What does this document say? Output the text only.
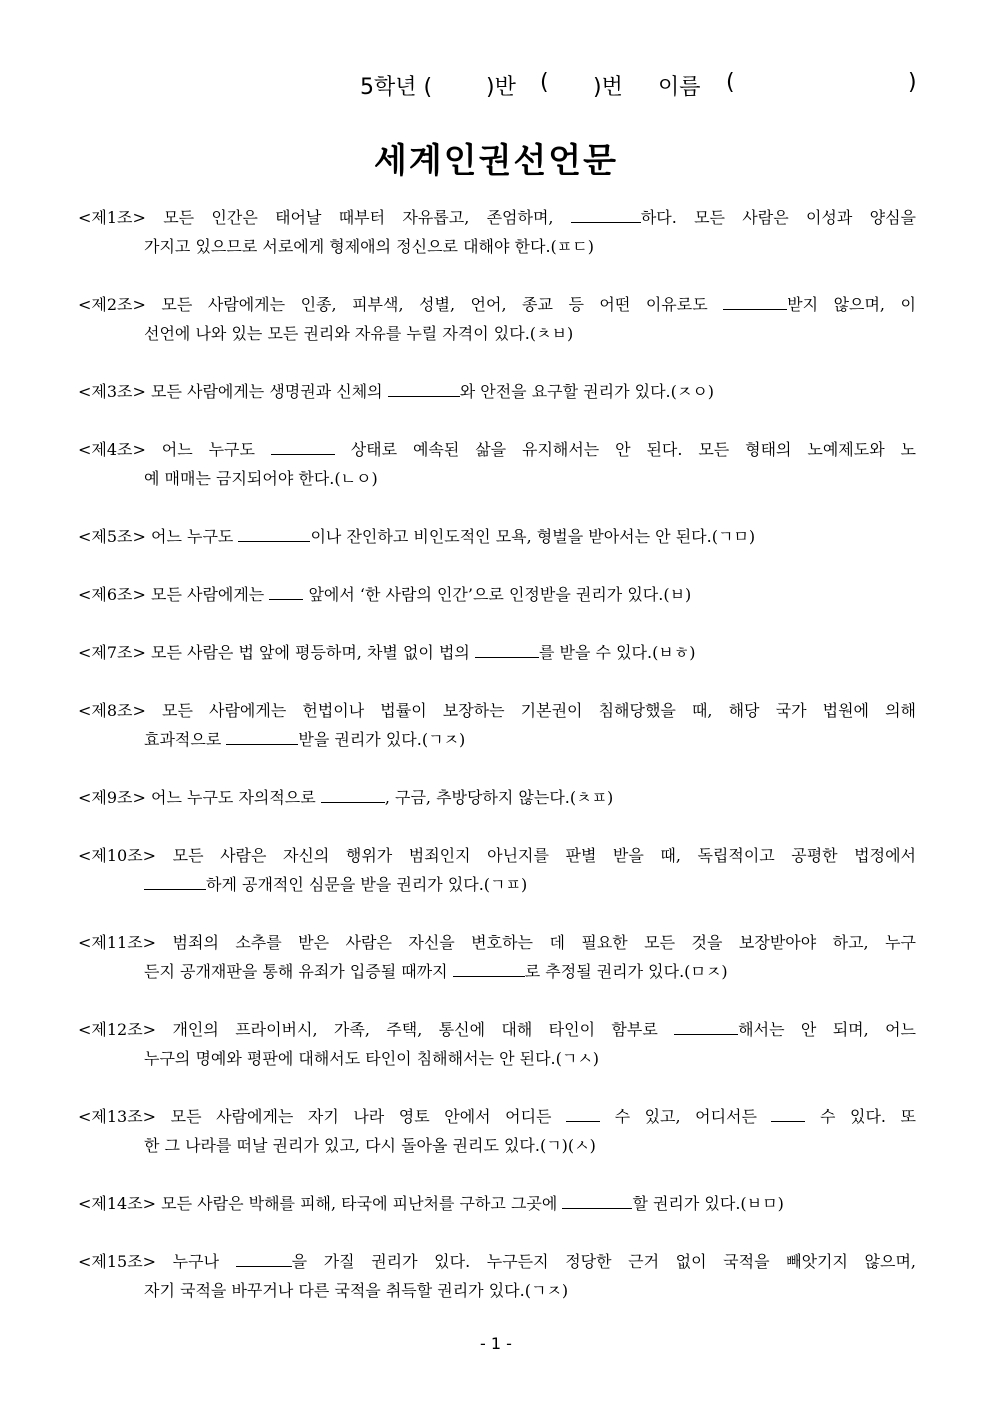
5학년 ( )반 ( )번 이름 (	)
세계인권선언문
<제1조> 모든 인간은 태어날 때부터 자유롭고, 존엄하며,	하다. 모든 사람은 이성과 양심을
가지고 있으므로 서로에게 형제애의 정신으로 대해야 한다.(ㅍㄷ)
<제2조> 모든 사람에게는 인종, 피부색, 성별, 언어, 종교 등 어떤 이유로도	받지 않으며, 이
선언에 나와 있는 모든 권리와 자유를 누릴 자격이 있다.(ㅊㅂ)
<제3조> 모든 사람에게는 생명권과 신체의	와 안전을 요구할 권리가 있다.(ㅈㅇ)
<제4조> 어느 누구도	상태로 예속된 삶을 유지해서는 안 된다. 모든 형태의 노예제도와 노
예 매매는 금지되어야 한다.(ㄴㅇ)
<제5조> 어느 누구도	이나 잔인하고 비인도적인 모욕, 형벌을 받아서는 안 된다.(ㄱㅁ)
<제6조> 모든 사람에게는  앞에서 ‘한 사람의 인간’으로 인정받을 권리가 있다.(ㅂ)
<제7조> 모든 사람은 법 앞에 평등하며, 차별 없이 법의	를 받을 수 있다.(ㅂㅎ)
<제8조> 모든 사람에게는 헌법이나 법률이 보장하는 기본권이 침해당했을 때, 해당 국가 법원에 의해
효과적으로	받을 권리가 있다.(ㄱㅈ)
<제9조> 어느 누구도 자의적으로	, 구금, 추방당하지 않는다.(ㅊㅍ)
<제10조> 모든 사람은 자신의 행위가 범죄인지 아닌지를 판별 받을 때, 독립적이고 공평한 법정에서
하게 공개적인 심문을 받을 권리가 있다.(ㄱㅍ)
<제11조> 범죄의 소추를 받은 사람은 자신을 변호하는 데 필요한 모든 것을 보장받아야 하고, 누구
든지 공개재판을 통해 유죄가 입증될 때까지	로 추정될 권리가 있다.(ㅁㅈ)
<제12조> 개인의 프라이버시, 가족, 주택, 통신에 대해 타인이 함부로	해서는 안 되며, 어느
누구의 명예와 평판에 대해서도 타인이 침해해서는 안 된다.(ㄱㅅ)
<제13조> 모든 사람에게는 자기 나라 영토 안에서 어디든  수 있고, 어디서든  수 있다. 또
한 그 나라를 떠날 권리가 있고, 다시 돌아올 권리도 있다.(ㄱ)(ㅅ)
<제14조> 모든 사람은 박해를 피해, 타국에 피난처를 구하고 그곳에	할 권리가 있다.(ㅂㅁ)
<제15조> 누구나	을 가질 권리가 있다. 누구든지 정당한 근거 없이 국적을 빼앗기지 않으며,
자기 국적을 바꾸거나 다른 국적을 취득할 권리가 있다.(ㄱㅈ)
- 1 -
